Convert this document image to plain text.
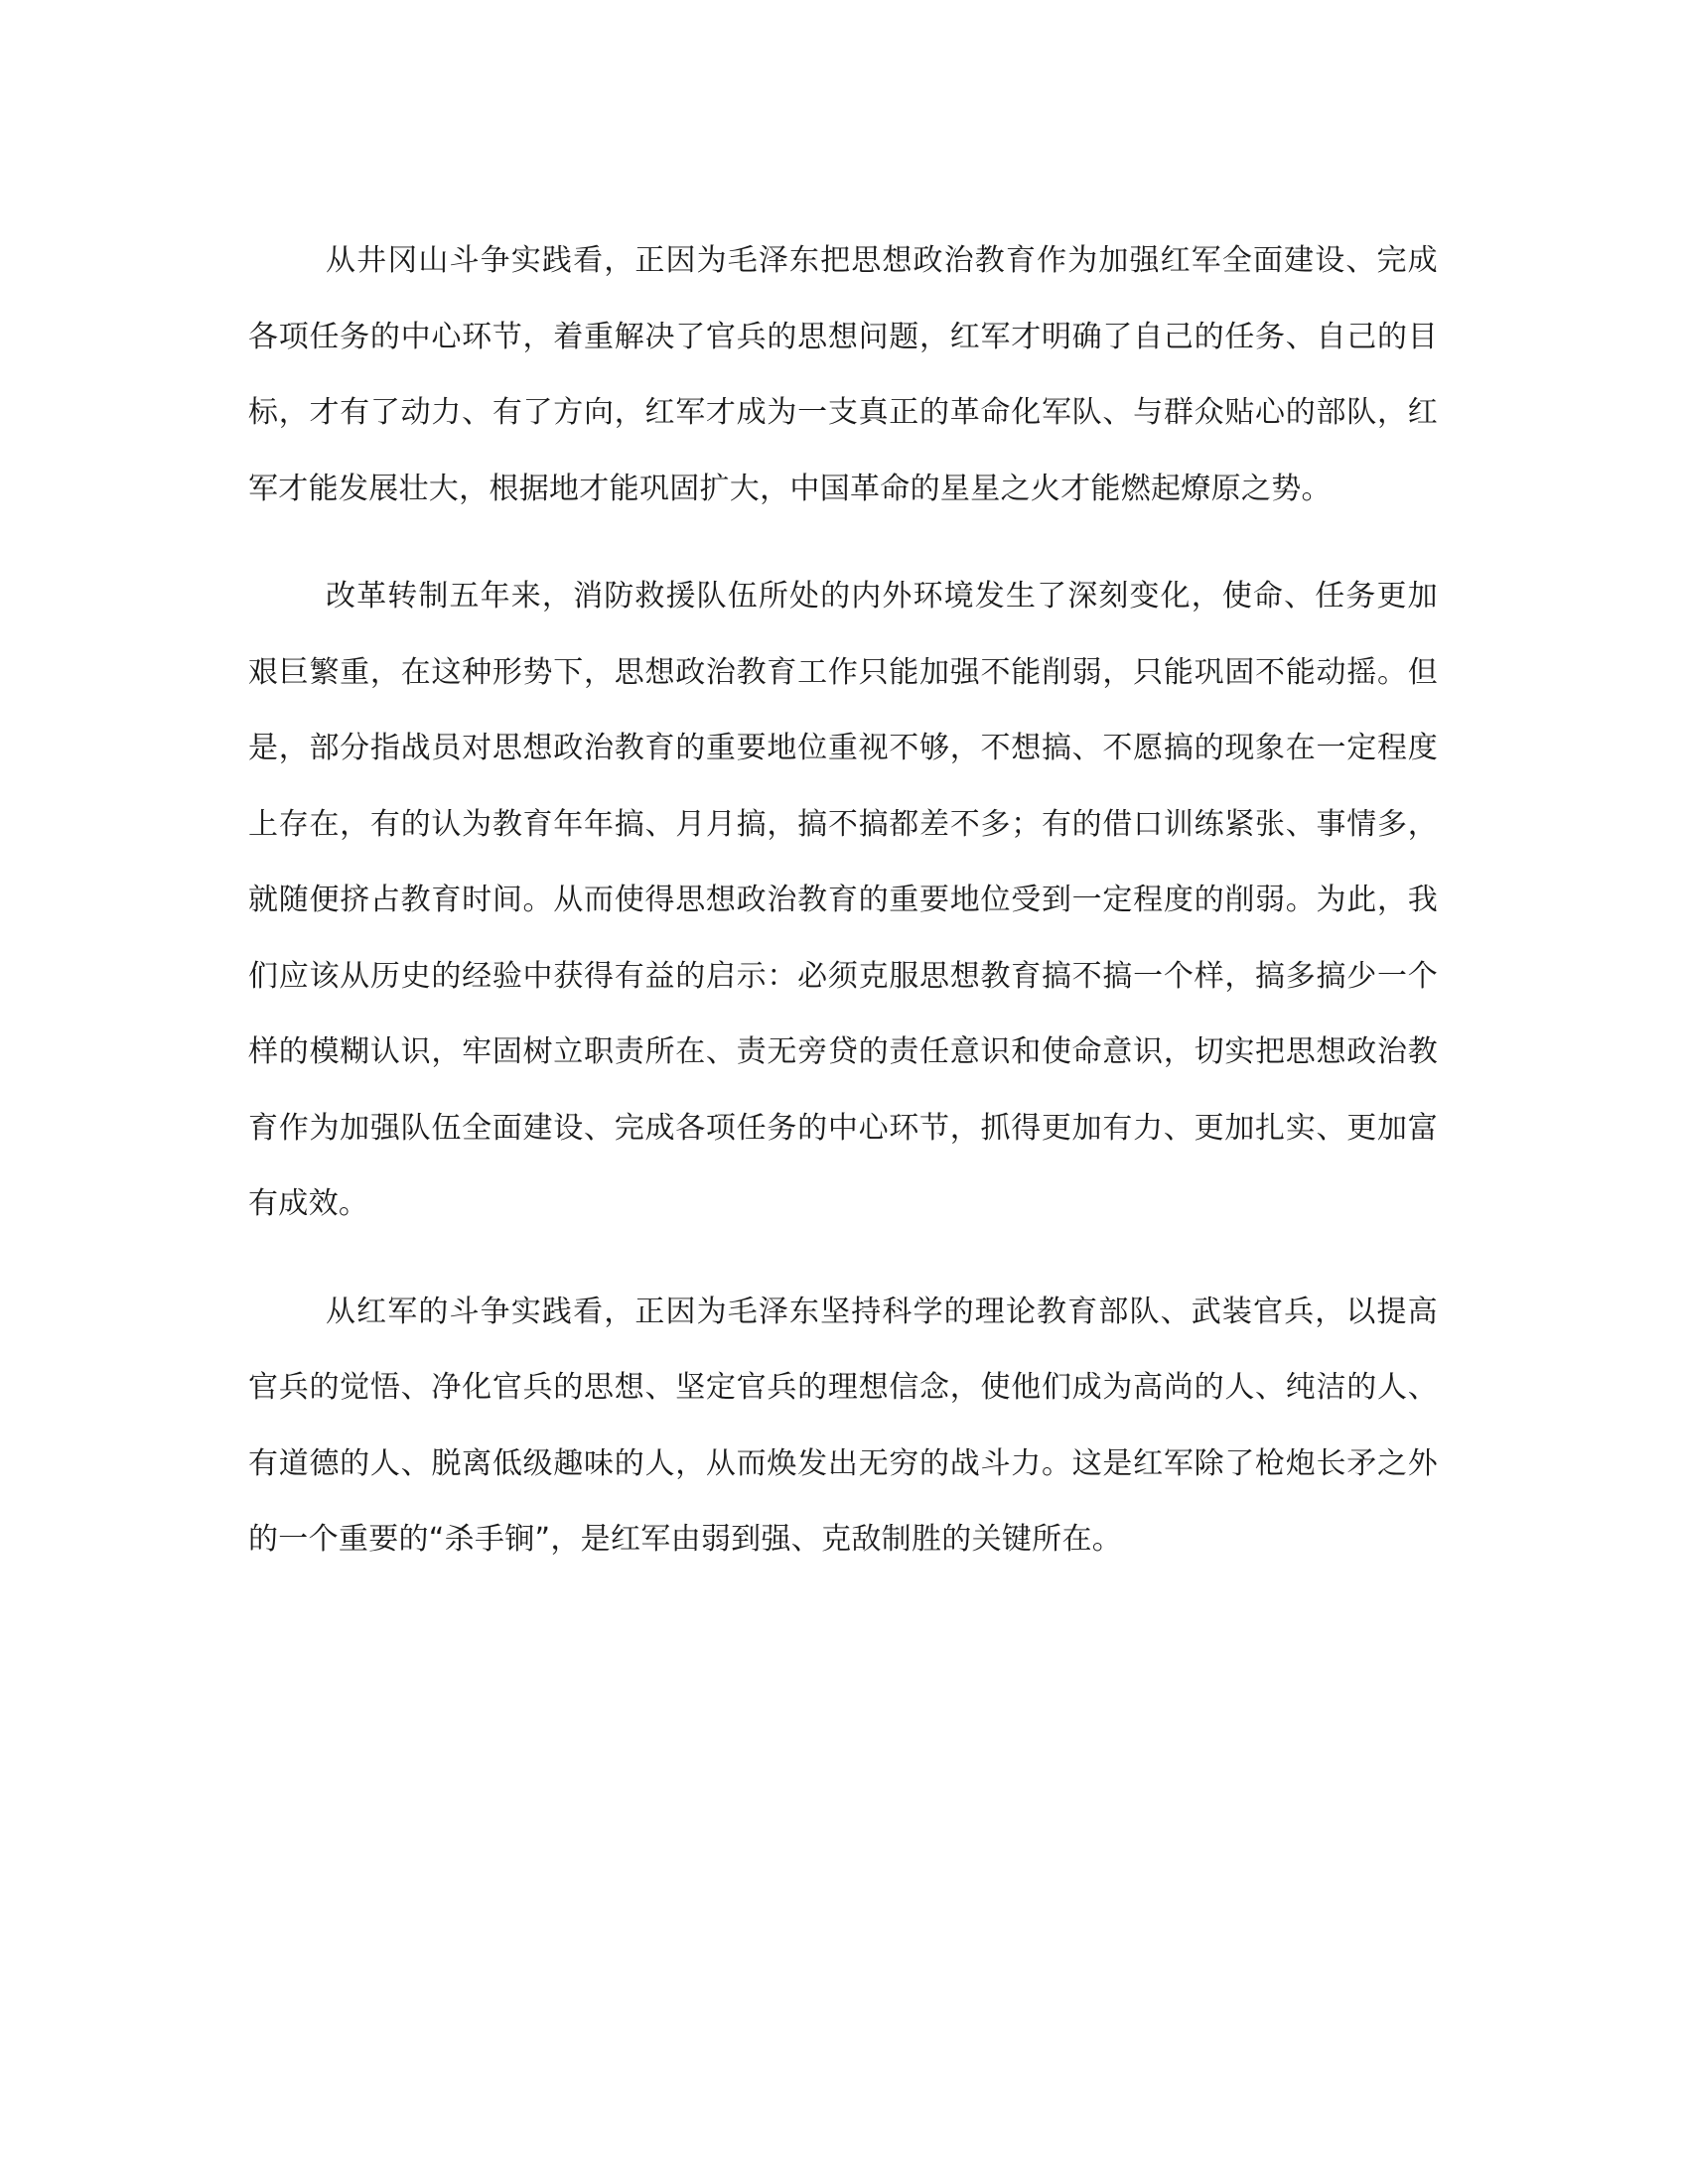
从井冈山斗争实践看，正因为毛泽东把思想政治教育作为加强红军全面建设、完成各项任务的中心环节，着重解决了官兵的思想问题，红军才明确了自己的任务、自己的目标，才有了动力、有了方向，红军才成为一支真正的革命化军队、与群众贴心的部队，红军才能发展壮大，根据地才能巩固扩大，中国革命的星星之火才能燃起燎原之势。

改革转制五年来，消防救援队伍所处的内外环境发生了深刻变化，使命、任务更加艰巨繁重，在这种形势下，思想政治教育工作只能加强不能削弱，只能巩固不能动摇。但是，部分指战员对思想政治教育的重要地位重视不够，不想搞、不愿搞的现象在一定程度上存在，有的认为教育年年搞、月月搞，搞不搞都差不多；有的借口训练紧张、事情多，就随便挤占教育时间。从而使得思想政治教育的重要地位受到一定程度的削弱。为此，我们应该从历史的经验中获得有益的启示：必须克服思想教育搞不搞一个样，搞多搞少一个样的模糊认识，牢固树立职责所在、责无旁贷的责任意识和使命意识，切实把思想政治教育作为加强队伍全面建设、完成各项任务的中心环节，抓得更加有力、更加扎实、更加富有成效。

从红军的斗争实践看，正因为毛泽东坚持科学的理论教育部队、武装官兵，以提高官兵的觉悟、净化官兵的思想、坚定官兵的理想信念，使他们成为高尚的人、纯洁的人、有道德的人、脱离低级趣味的人，从而焕发出无穷的战斗力。这是红军除了枪炮长矛之外的一个重要的“杀手锏”，是红军由弱到强、克敌制胜的关键所在。
